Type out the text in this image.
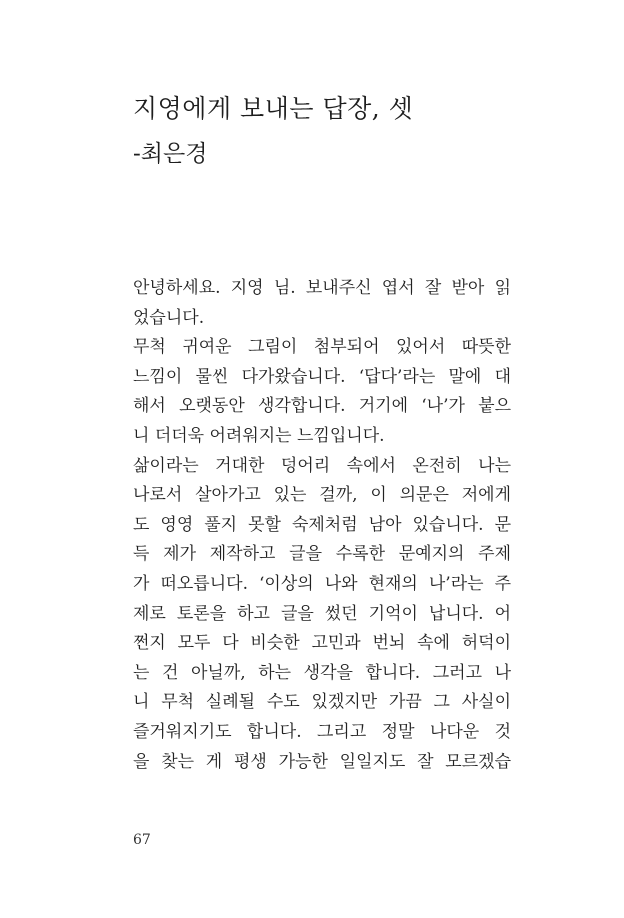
지영에게 보내는 답장, 셋
-최은경
안녕하세요. 지영 님. 보내주신 엽서 잘 받아 읽
었습니다.
무척 귀여운 그림이 첨부되어 있어서 따뜻한
느낌이 물씬 다가왔습니다. ‘답다’라는 말에 대
해서 오랫동안 생각합니다. 거기에 ‘나’가 붙으
니 더더욱 어려워지는 느낌입니다.
삶이라는 거대한 덩어리 속에서 온전히 나는
나로서 살아가고 있는 걸까, 이 의문은 저에게
도 영영 풀지 못할 숙제처럼 남아 있습니다. 문
득 제가 제작하고 글을 수록한 문예지의 주제
가 떠오릅니다. ‘이상의 나와 현재의 나’라는 주
제로 토론을 하고 글을 썼던 기억이 납니다. 어
쩐지 모두 다 비슷한 고민과 번뇌 속에 허덕이
는 건 아닐까, 하는 생각을 합니다. 그러고 나
니 무척 실례될 수도 있겠지만 가끔 그 사실이
즐거워지기도 합니다. 그리고 정말 나다운 것
을 찾는 게 평생 가능한 일일지도 잘 모르겠습
67
